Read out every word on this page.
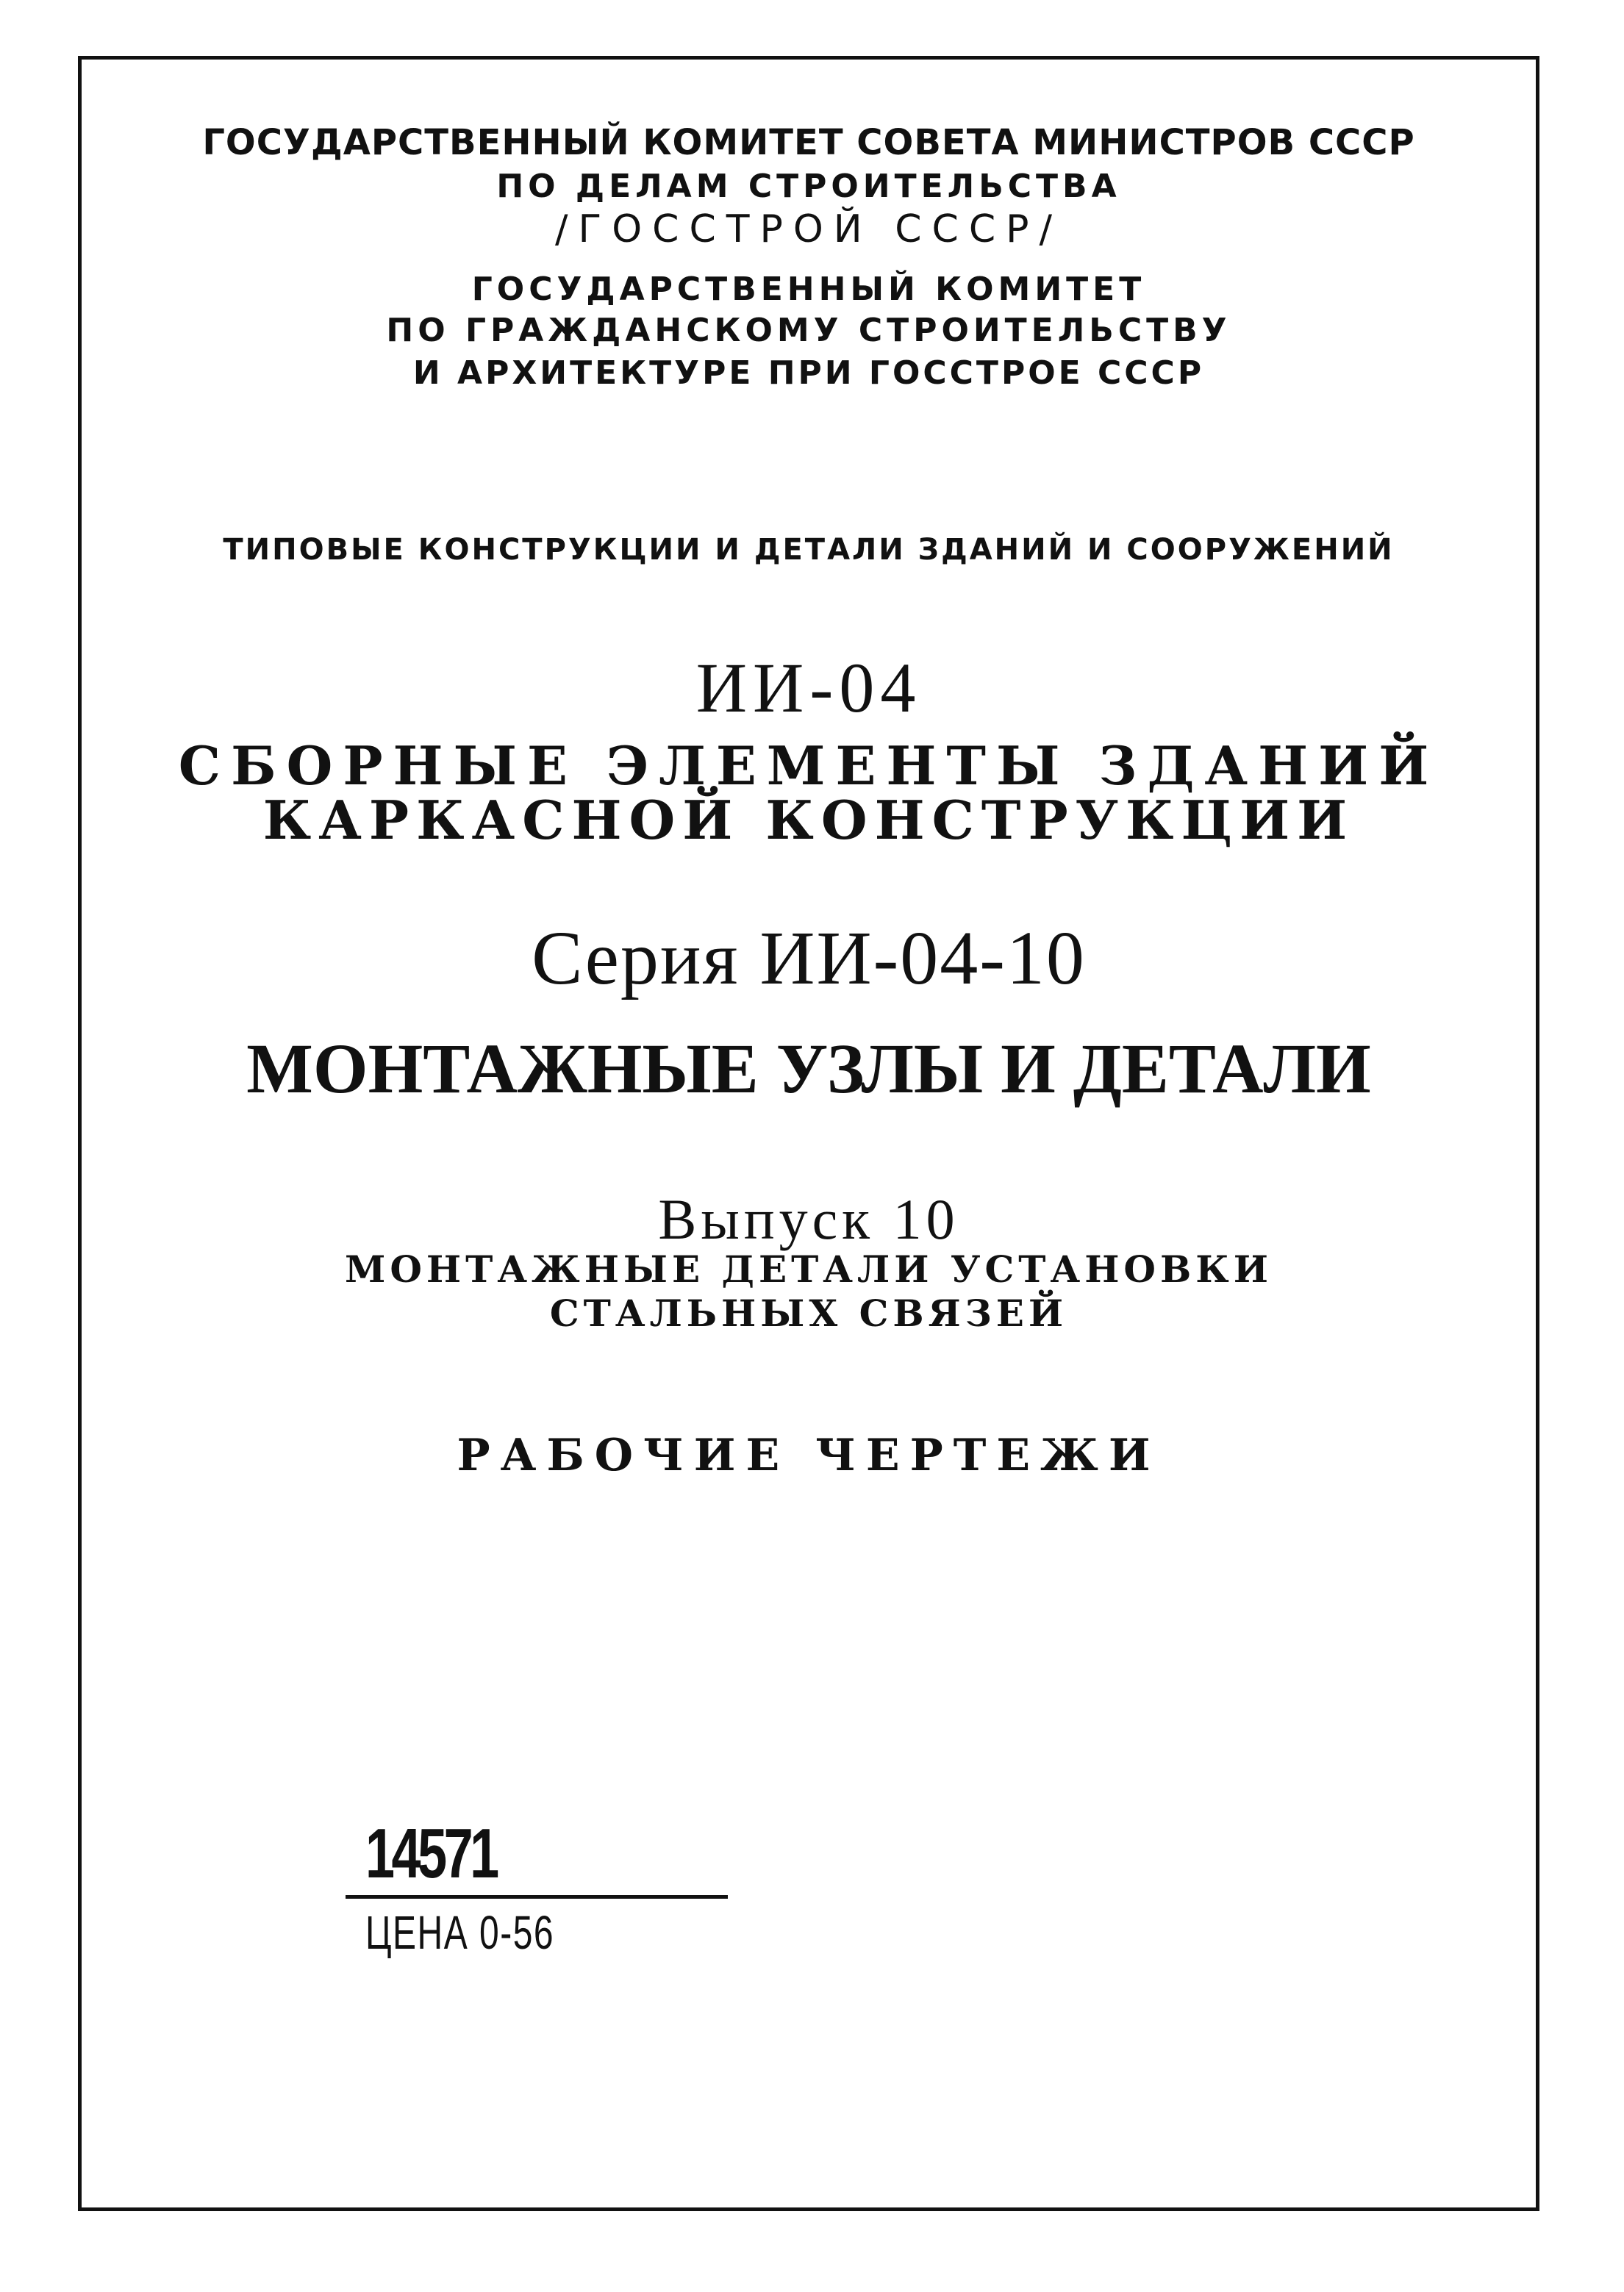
ГОСУДАРСТВЕННЫЙ КОМИТЕТ СОВЕТА МИНИСТРОВ СССР
ПО ДЕЛАМ СТРОИТЕЛЬСТВА
/ГОССТРОЙ СССР/
ГОСУДАРСТВЕННЫЙ КОМИТЕТ
ПО ГРАЖДАНСКОМУ СТРОИТЕЛЬСТВУ
И АРХИТЕКТУРЕ ПРИ ГОССТРОЕ СССР
ТИПОВЫЕ КОНСТРУКЦИИ И ДЕТАЛИ ЗДАНИЙ И СООРУЖЕНИЙ
ИИ-04
СБОРНЫЕ ЭЛЕМЕНТЫ ЗДАНИЙ
КАРКАСНОЙ КОНСТРУКЦИИ
Серия ИИ-04-10
МОНТАЖНЫЕ УЗЛЫ И ДЕТАЛИ
Выпуск 10
МОНТАЖНЫЕ ДЕТАЛИ УСТАНОВКИ
СТАЛЬНЫХ СВЯЗЕЙ
РАБОЧИЕ ЧЕРТЕЖИ
14571
ЦЕНА 0-56
